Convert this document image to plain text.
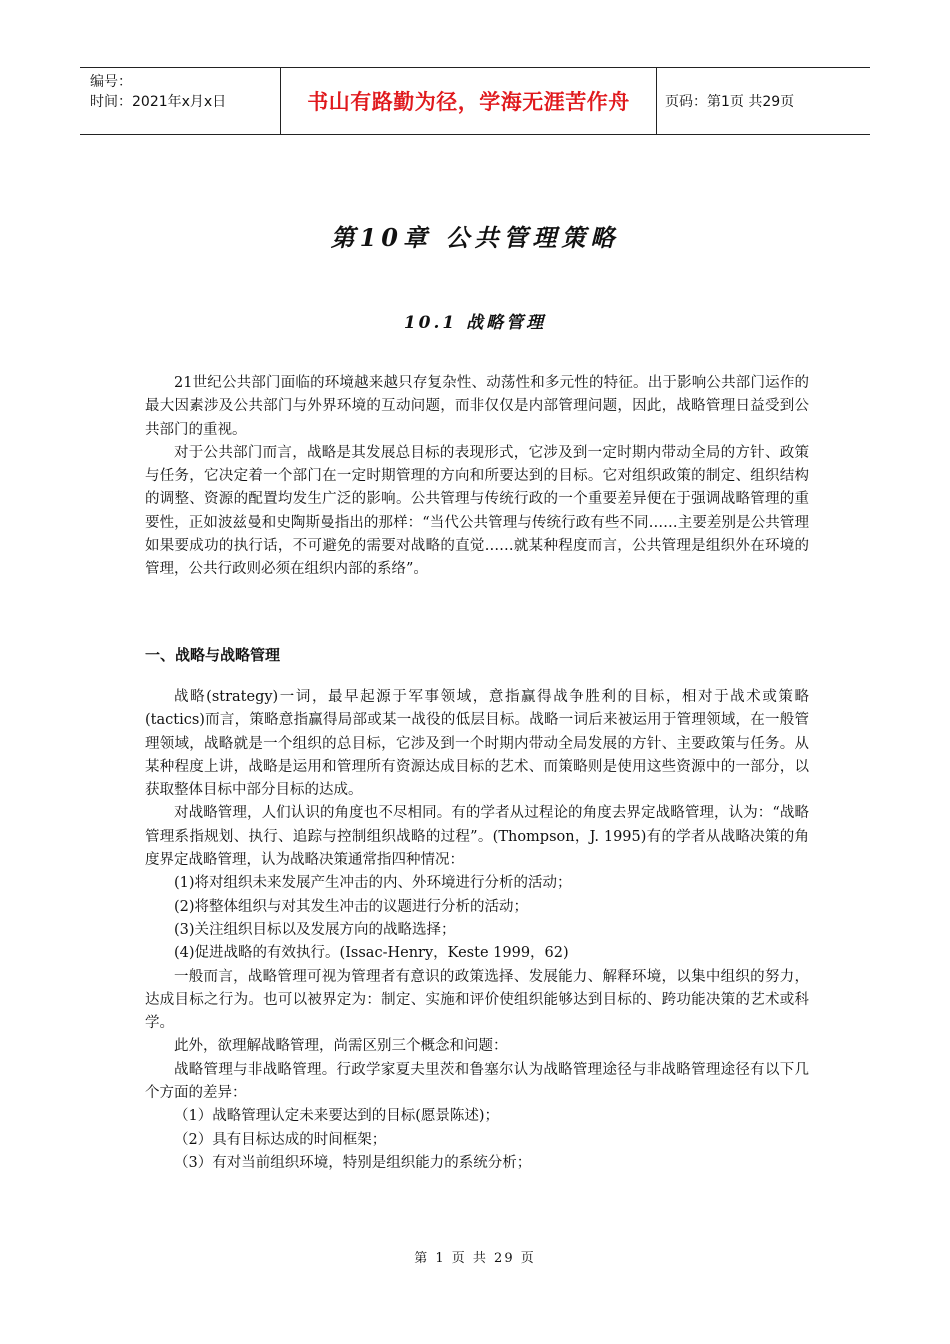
编号：
时间：2021年x月x日	书山有路勤为径，学海无涯苦作舟	页码：第1页 共29页
第10章 公共管理策略
10.1 战略管理

21世纪公共部门面临的环境越来越只存复杂性、动荡性和多元性的特征。出于影响公共部门运作的最大因素涉及公共部门与外界环境的互动问题，而非仅仅是内部管理问题，因此，战略管理日益受到公共部门的重视。

对于公共部门而言，战略是其发展总目标的表现形式，它涉及到一定时期内带动全局的方针、政策与任务，它决定着一个部门在一定时期管理的方向和所要达到的目标。它对组织政策的制定、组织结构的调整、资源的配置均发生广泛的影响。公共管理与传统行政的一个重要差异便在于强调战略管理的重要性，正如波兹曼和史陶斯曼指出的那样：“当代公共管理与传统行政有些不同……主要差别是公共管理如果要成功的执行话，不可避免的需要对战略的直觉……就某种程度而言，公共管理是组织外在环境的管理，公共行政则必须在组织内部的系络”。

一、战略与战略管理

战略(strategy)一词，最早起源于军事领域，意指赢得战争胜利的目标，相对于战术或策略(tactics)而言，策略意指赢得局部或某一战役的低层目标。战略一词后来被运用于管理领域，在一般管理领域，战略就是一个组织的总目标，它涉及到一个时期内带动全局发展的方针、主要政策与任务。从某种程度上讲，战略是运用和管理所有资源达成目标的艺术、而策略则是使用这些资源中的一部分，以获取整体目标中部分目标的达成。

对战略管理，人们认识的角度也不尽相同。有的学者从过程论的角度去界定战略管理，认为：“战略管理系指规划、执行、追踪与控制组织战略的过程”。(Thompson，J. 1995)有的学者从战略决策的角度界定战略管理，认为战略决策通常指四种情况：

(1)将对组织未来发展产生冲击的内、外环境进行分析的活动；

(2)将整体组织与对其发生冲击的议题进行分析的活动；

(3)关注组织目标以及发展方向的战略选择；

(4)促进战略的有效执行。(Issac-Henry，Keste 1999，62)

一般而言，战略管理可视为管理者有意识的政策选择、发展能力、解释环境，以集中组织的努力，达成目标之行为。也可以被界定为：制定、实施和评价使组织能够达到目标的、跨功能决策的艺术或科学。

此外，欲理解战略管理，尚需区别三个概念和问题：

战略管理与非战略管理。行政学家夏夫里茨和鲁塞尔认为战略管理途径与非战略管理途径有以下几个方面的差异：

（1）战略管理认定未来要达到的目标(愿景陈述)；

（2）具有目标达成的时间框架；

（3）有对当前组织环境，特别是组织能力的系统分析；

第 1 页 共 29 页
